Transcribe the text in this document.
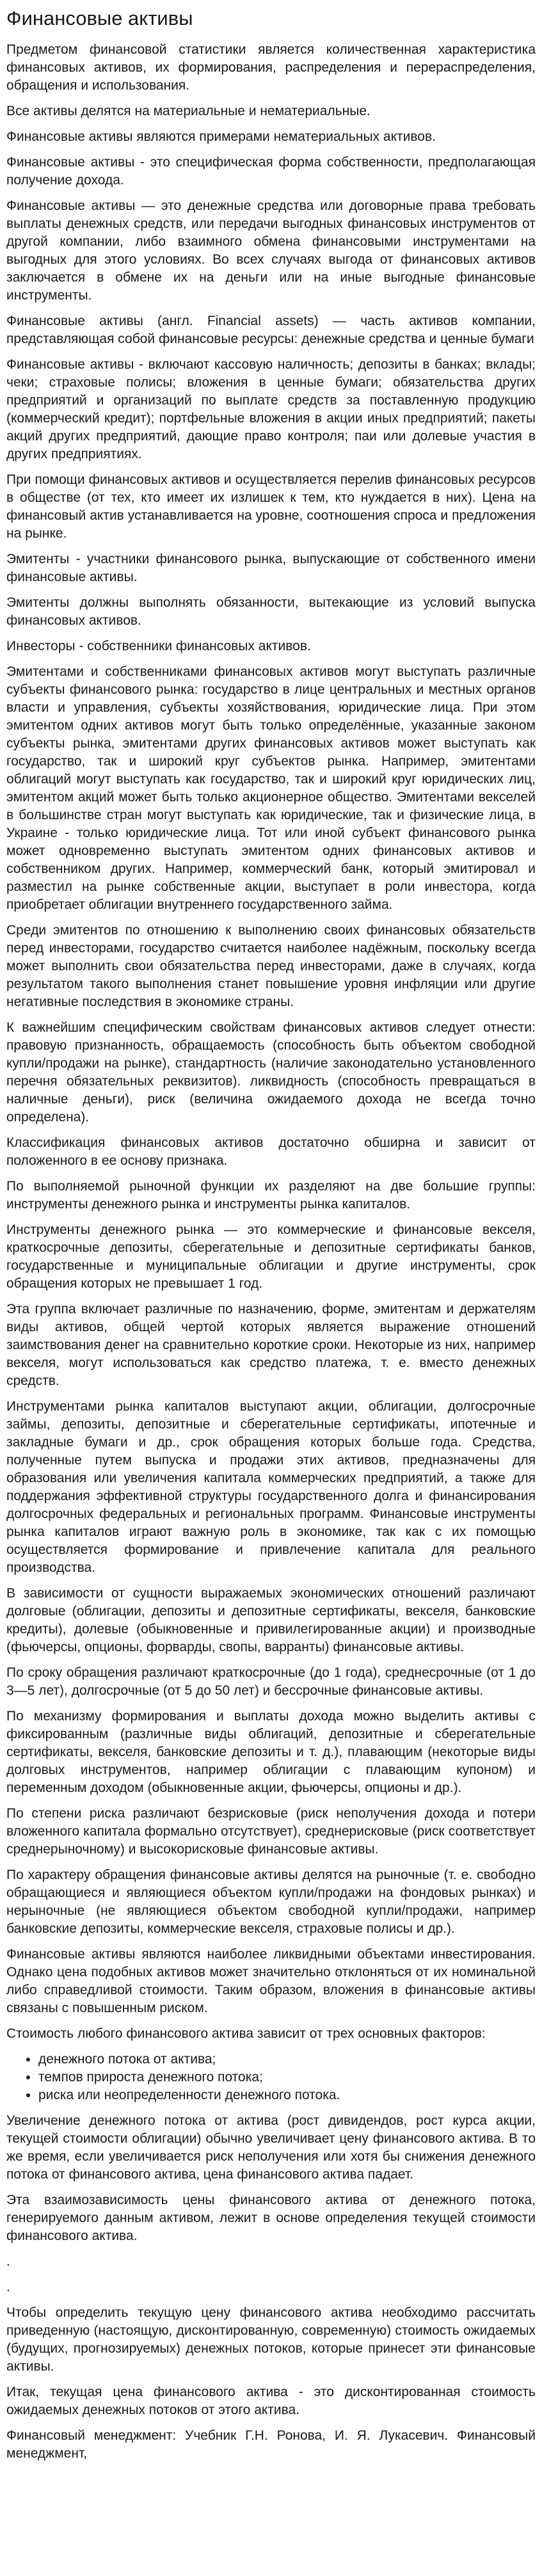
Финансовые активы

Предметом финансовой статистики является количественная характеристика финансовых активов, их формирования, распределения и перераспределения, обращения и использования.

Все активы делятся на материальные и нематериальные.

Финансовые активы являются примерами нематериальных активов.

Финансовые активы - это специфическая форма собственности, предполагающая получение дохода.

Финансовые активы — это денежные средства или договорные права требовать выплаты денежных средств, или передачи выгодных финансовых инструментов от другой компании, либо взаимного обмена финансовыми инструментами на выгодных для этого условиях. Во всех случаях выгода от финансовых активов заключается в обмене их на деньги или на иные выгодные финансовые инструменты.

Финансовые активы (англ. Financial assets) — часть активов компании, представляющая собой финансовые ресурсы: денежные средства и ценные бумаги

Финансовые активы - включают кассовую наличность; депозиты в банках; вклады; чеки; страховые полисы; вложения в ценные бумаги; обязательства других предприятий и организаций по выплате средств за поставленную продукцию (коммерческий кредит); портфельные вложения в акции иных предприятий; пакеты акций других предприятий, дающие право контроля; паи или долевые участия в других предприятиях.

При помощи финансовых активов и осуществляется перелив финансовых ресурсов в обществе (от тех, кто имеет их излишек к тем, кто нуждается в них). Цена на финансовый актив устанавливается на уровне, соотношения спроса и предложения на рынке.

Эмитенты - участники финансового рынка, выпускающие от собственного имени финансовые активы.

Эмитенты должны выполнять обязанности, вытекающие из условий выпуска финансовых активов.

Инвесторы - собственники финансовых активов.

Эмитентами и собственниками финансовых активов могут выступать различные субъекты финансового рынка: государство в лице центральных и местных органов власти и управления, субъекты хозяйствования, юридические лица. При этом эмитентом одних активов могут быть только определённые, указанные законом субъекты рынка, эмитентами других финансовых активов может выступать как государство, так и широкий круг субъектов рынка. Например, эмитентами облигаций могут выступать как государство, так и широкий круг юридических лиц, эмитентом акций может быть только акционерное общество. Эмитентами векселей в большинстве стран могут выступать как юридические, так и физические лица, в Украине - только юридические лица. Тот или иной субъект финансового рынка может одновременно выступать эмитентом одних финансовых активов и собственником других. Например, коммерческий банк, который эмитировал и разместил на рынке собственные акции, выступает в роли инвестора, когда приобретает облигации внутреннего государственного займа.

Среди эмитентов по отношению к выполнению своих финансовых обязательств перед инвесторами, государство считается наиболее надёжным, поскольку всегда может выполнить свои обязательства перед инвесторами, даже в случаях, когда результатом такого выполнения станет повышение уровня инфляции или другие негативные последствия в экономике страны.

К важнейшим специфическим свойствам финансовых активов следует отнести: правовую признанность, обращаемость (способность быть объектом свободной купли/продажи на рынке), стандартность (наличие законодательно установленного перечня обязательных реквизитов). ликвидность (способность превращаться в наличные деньги), риск (величина ожидаемого дохода не всегда точно определена).

Классификация финансовых активов достаточно обширна и зависит от положенного в ее основу признака.

По выполняемой рыночной функции их разделяют на две большие группы: инструменты денежного рынка и инструменты рынка капиталов.

Инструменты денежного рынка — это коммерческие и финансовые векселя, краткосрочные депозиты, сберегательные и депозитные сертификаты банков, государственные и муниципальные облигации и другие инструменты, срок обращения которых не превышает 1 год.

Эта группа включает различные по назначению, форме, эмитентам и держателям виды активов, общей чертой которых является выражение отношений заимствования денег на сравнительно короткие сроки. Некоторые из них, например векселя, могут использоваться как средство платежа, т. е. вместо денежных средств.

Инструментами рынка капиталов выступают акции, облигации, долгосрочные займы, депозиты, депозитные и сберегательные сертификаты, ипотечные и закладные бумаги и др., срок обращения которых больше года. Средства, полученные путем выпуска и продажи этих активов, предназначены для образования или увеличения капитала коммерческих предприятий, а также для поддержания эффективной структуры государственного долга и финансирования долгосрочных федеральных и региональных программ. Финансовые инструменты рынка капиталов играют важную роль в экономике, так как с их помощью осуществляется формирование и привлечение капитала для реального производства.

В зависимости от сущности выражаемых экономических отношений различают долговые (облигации, депозиты и депозитные сертификаты, векселя, банковские кредиты), долевые (обыкновенные и привилегированные акции) и производные (фьючерсы, опционы, форварды, свопы, варранты) финансовые активы.

По сроку обращения различают краткосрочные (до 1 года), среднесрочные (от 1 до 3—5 лет), долгосрочные (от 5 до 50 лет) и бессрочные финансовые активы.

По механизму формирования и выплаты дохода можно выделить активы с фиксированным (различные виды облигаций, депозитные и сберегательные сертификаты, векселя, банковские депозиты и т. д.), плавающим (некоторые виды долговых инструментов, например облигации с плавающим купоном) и переменным доходом (обыкновенные акции, фьючерсы, опционы и др.).

По степени риска различают безрисковые (риск неполучения дохода и потери вложенного капитала формально отсутствует), среднерисковые (риск соответствует среднерыночному) и высокорисковые финансовые активы.

По характеру обращения финансовые активы делятся на рыночные (т. е. свободно обращающиеся и являющиеся объектом купли/продажи на фондовых рынках) и нерыночные (не являющиеся объектом свободной купли/продажи, например банковские депозиты, коммерческие векселя, страховые полисы и др.).

Финансовые активы являются наиболее ликвидными объектами инвестирования. Однако цена подобных активов может значительно отклоняться от их номинальной либо справедливой стоимости. Таким образом, вложения в финансовые активы связаны с повышенным риском.

Стоимость любого финансового актива зависит от трех основных факторов:

• денежного потока от актива;
• темпов прироста денежного потока;
• риска или неопределенности денежного потока.

Увеличение денежного потока от актива (рост дивидендов, рост курса акции, текущей стоимости облигации) обычно увеличивает цену финансового актива. В то же время, если увеличивается риск неполучения или хотя бы снижения денежного потока от финансового актива, цена финансового актива падает.

Эта взаимозависимость цены финансового актива от денежного потока, генерируемого данным активом, лежит в основе определения текущей стоимости финансового актива.

.
.

Чтобы определить текущую цену финансового актива необходимо рассчитать приведенную (настоящую, дисконтированную, современную) стоимость ожидаемых (будущих, прогнозируемых) денежных потоков, которые принесет эти финансовые активы.

Итак, текущая цена финансового актива - это дисконтированная стоимость ожидаемых денежных потоков от этого актива.

Финансовый менеджмент: Учебник Г.Н. Ронова, И. Я. Лукасевич. Финансовый менеджмент,
